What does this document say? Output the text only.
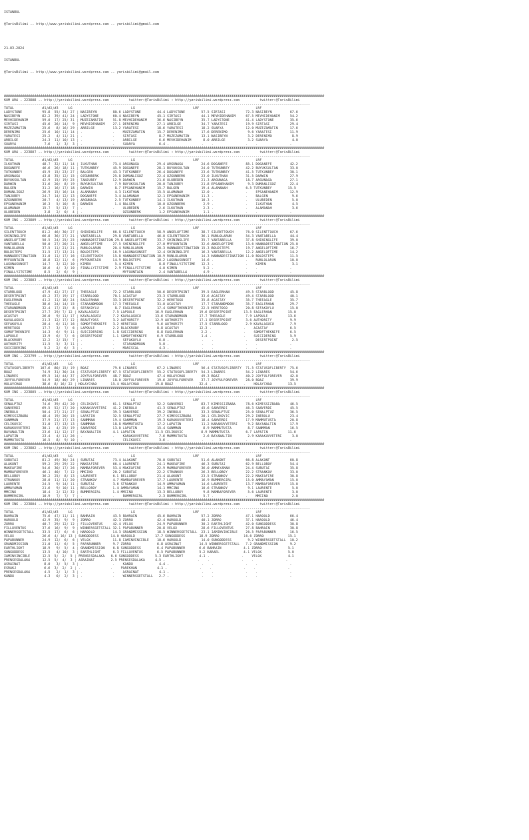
ISTANBUL

@TarisBilimi -- http://www.yarisbilimi.wordpress.com -- yarisbilimi@gmail.com

21.03.2024

ISTANBUL

@TarisBilimi -- http://www.yarisbilimi.wordpress.com -- yarisbilimi@gmail.com

###############################################################################################################################################################
KUM ARA - 223808 -- http://yarisbilimi.wordpress.com          twitter:@TarisBilimi : http://yarisbilimi.wordpress.com          twitter:@TarisBilimi
--------------------------------------------------------------------------------------------------------------------------------------------------------
TOTAL              #1/#2/#3     LG                             LG                             LRF                            LRF
LADYSTONE          95.8  55/ 34/ 27 | NASIBEYN        80.6 LADYSTONE        44.4 LADYSTONE        57.5 SIRTASI          72.3 NASIBEYN         67.6
NASIBEYN           82.2  39/ 41/ 24 | LADYSTONE       60.4 NASIBEYN         45.1 SIRTASI          44.1 MEVHIDEHANIM     67.5 MEVHIDEHANIM     54.2
MEVHIDEHANIM       59.0  17/ 25/ 31 | MUZEZAMATIN     51.8 MEVHIDEHANIM     36.6 NASIBEYN         35.7 LADYSTONE        41.4 LADYSTONE        35.6
SIRTASI            45.6  26/ 14/  9 | MEVHIDEHANIM    27.1 DERENIMO         27.1 ARBILGE          34.7 YARATESI         19.9 SIRTASI          29.4
MUZEZAMATIN        25.6   8/ 16/ 29 | ARBILGE         13.2 YARATESI         18.6 YARATESI         18.2 SUARYA           12.0 MUZEZAMATIN      17.6
DERENIMO           25.6  10/ 11/ 14 | .               .    MUZEZAMATIN      15.7 DERENIMO         17.6 DERENIMO          9.6 YARATESI         11.9
YARATESI           25.2   4/ 11/ 21 | .               .    SIRTASI           8.7 MUZEZAMATIN      13.1 NASIBEYN          3.2 DERENIMO          8.9
ARBILGE            24.3  11/ 10/ 13 | .               .    ARBILGE           6.6 MEVHIDEHANIM      8.0 ARBILGE           3.2 SUARYA            4.0
SUARYA              7.6   1/  3/  3 | .               .    SUARYA            6.4 .                .    .                .    .                .
###############################################################################################################################################################
KUM ARA - 223807 -- http://yarisbilimi.wordpress.com          twitter:@TarisBilimi : http://yarisbilimi.wordpress.com          twitter:@TarisBilimi
--------------------------------------------------------------------------------------------------------------------------------------------------------
TOTAL              #1/#2/#3     LG                             LG                             LRF                            LRF
ILKUTHAN           48.7  32/ 11/ 14 | ILKUTHAN        73.4 ARGUNAGA         29.4 ARGUNAGA         24.6 DOGANEFE         85.1 DOGANEFE         42.2
DOGANEFE           46.6  26/ 18/ 11 | TUTKUNBEY       45.9 DOGANEFE         28.1 BUYUKSULTAN      24.0 TUTKUNBEY        42.2 BUYUKSULTAN      33.0
TUTKUNBEY          45.9  15/ 23/ 27 | BALGEN          43.3 TUTKUNBEY        26.4 DOGANEFE         23.6 TUTKUNBEY        41.5 TUTKUNBEY        30.1
ARGUNAGA           43.8  35/ 12/ 15 | OZGUNBERK       25.8 DUMANLIGOZ       22.4 OZGUNBERK        23.0 ILKUTHAN         31.5 DARWIN           27.9
BUYUKSULTAN        42.9  15/ 19/ 25 | TANJUBEY        12.9 DARWIN           21.6 ULUBEDEN         21.3 ARGUNAGA         18.7 ARGUNAGA         27.1
DARWIN             31.6  20/  8/ 19 | BUYUKSULTAN      7.9 BUYUKSULTAN      20.0 TANJUBEY         21.8 EPSANEHANIM       9.3 DUMANLIGOZ       22.4
BALGEN             31.2  16/ 17/ 18 | DARWIN           8.7 EPSANEHANIM      15.7 BALGEN           19.4 ALAMANAH         6.5 TUTKUNBEY        15.5
DUMANLIGOZ         26.9  15/ 16/ 14 | ALAMANAH         4.3 ILKUTHAN         15.5 ALAMANAH         12.0 .                .    EPSANEHANIM      12.9
TANJUBEY           24.7  14/ 12/ 13 | DOGANEFE         3.4 ALAMANAH         12.1 EPSANEHANIM      11.3 .                .    BALGEN            9.6
OZGUNBERK          20.7   4/ 13/ 19 | ARGUNAGA         2.5 TUTKUNBEY        14.1 ILKUTHAN         10.3 .                .    ULUBEDEN          5.0
EPSANEHANIM        16.3   5/ 10/  8 | DARWIN           1.4 BALGEN           10.0 OZGUNBERK         2.9 .                .    ILKUTHAN          4.5
ALAMANAH           15.7   5/ 13/  7 | .               .    ULUBEDEN          2.6 ILKUTHAN          2.3 .                .    ALAMANAH          3.6
ULUBEDEN            3.8   2/  0/  4 | .               .    OZGUNBERK         1.2 EPSANEHANIM       1.1 .                .    .                .
###############################################################################################################################################################
KUM ING - 223809 -- http://yarisbilimi.wordpress.com          twitter:@TarisBilimi : http://yarisbilimi.wordpress.com          twitter:@TarisBilimi
--------------------------------------------------------------------------------------------------------------------------------------------------------
TOTAL              #1/#2/#3     LG                             LG                             LRF                            LRF
SILENTTOUCH        81.2  46/ 30/ 27 | SHININGLIFE     66.8 SILENTTOUCH      58.9 ANGELOFTIME      38.7 SILENTTOUCH      76.0 SILENTTOUCH      67.6
SHININGLIFE        66.8  36/ 27/ 21 | VANTABELLA      29.8 VANTABELLA       46.0 SILENTTOUCH      36.1 RUNLOLARUN       54.3 VANTABELLA       44.4
ANGELOFTIME        50.5  24/ 25/ 25 | HANNADESTINATION 29.8 ANGELOFTIME     33.7 SHININGLIFE      35.7 VANTABELLA       37.8 SHININGLIFE      39.0
VANTABELLA         50.0  27/ 20/ 21 | ANGELOFTIME     27.5 SHININGLIFE      27.0 MYFOUNTAIN       32.6 ANGELOFTIME      13.6 HANNADESTINATION 25.0
RUNLOLARUN         37.5  11/ 21/ 21 | RUNLOLARUN      20.4 RUNLOLARUN       20.3 HANNADESTINATION 15.3 BOLDSTEPS        19.7 ANGELOFTIME      16.7
BOLDSTEPS          31.5  17/ 13/ 21 | BOLDSTEPS       16.9 LAGUNASUNSET     12.4 SHININGLIFE      16.3 VANTABELLA       12.2 ANGELOFTIME      14.2
HANNADESTINATION   31.0  11/ 17/ 16 | SILENTTOUCH     15.8 HANNADESTINATION 10.9 RUNLOLARUN       14.3 HANNADESTINATION 11.0 BOLDSTEPS        11.5
MYFOUNTAIN         18.8  12/ 11/  6 | MYFOUNTAIN      14.9 BOLDSTEPS        10.2 LAGUNASUNSET     14.6 .                .    RUNLOLARUN       10.0
LAGUNASUNSET       14.7   3/ 12/ 10 | KIMEN            5.4 KIMEN             8.8 FINALLYITSTIME   12.3 .                .    KIMEN             3.1
KIMEN              10.6   4/  3/ 10 | FINALLYITSTIME   2.9 FINALLYITSTIME    4.0 KIMEN             5.2 .                .    .                .
FINALLYITSTIME      8.5   2/  6/  9 | .               .    MYFOUNTAIN        2.4 VANTABELLA        4.9 .                .    .                .
###############################################################################################################################################################
KUM ING - 223803 -- http://yarisbilimi.wordpress.com          twitter:@TarisBilimi : http://yarisbilimi.wordpress.com          twitter:@TarisBilimi
--------------------------------------------------------------------------------------------------------------------------------------------------------
TOTAL              #1/#2/#3     LG                             LG                             LRF                            LRF
STARBLOOD          47.9  42/ 27/ 17 | THEEAGLE        72.2 STARBLOOD        50.6 DESERTPOINT      39.5 EAGLERHAN        49.5 STARBLOOD        45.8
DESERTPOINT        45.2  37/ 19/ 17 | STARBLOOD       70.1 ACASTAY          23.3 STARBLOOD        33.6 ACASTAY          49.4 STARBLOOD        40.1
EAGLERHAN          41.2  11/ 18/ 24 | EAGLERHAN       33.3 DESERTPOINT      32.2 HERETOGO         35.8 ACASTAY          35.7 THEEAGLE         35.7
THEEAGLE           38.6  24/ 14/ 15 | STARANDMOON     17.3 THEEAGLE         31.0 ACASTAY          17.7 STARANDMOON      35.7 EAGLERHAN        29.7
STARANDMOON        32.4  17/ 15/  8 | SEFAKOYLU        8.7 EAGLERHAN        17.4 SOMOFTHEKNIFE    22.5 HERETOGO         20.8 SEFAKOYLU        15.0
DESERTPOINT        27.7  29/ 7/ 12 | KAVALAGUCU       7.5 LAPOULE          16.9 EAGLERHAN        19.6 DESERTPOINT      13.5 EAGLERHAN        15.0
ACASTAY            26.0   9/ 11/ 17 | KAVALAGUCU      7.2 KAVALAGUCU       13.6 STARANDMOON      17.7 THEEAGLE          7.9 LAPOULE          13.6
KAVALAGUCU         21.3  12/ 17/ 12 | BEAUTYOSS       3.2 AUTHORITY        12.9 AUTHORITY        17.1 DESERTPOINT       3.6 AUTHORITY         9.9
SEFAKOYLU          20.4   6/ 11/ 16 | SOMOFTHEKNIFE   3.2 HERETOGO          9.6 AUTHORITY        17.5 STARBLOOD         2.9 KAVALAGUCU        7.9
HERETOGO           17.7   3/  7/  6 | LAPOULE         2.2 BLACKRUBY         8.8 ACASTAY          12.3 .                .    ACASTAY           6.5
SOMOFTHEKNIFE      14.3   6/  9/ 11 | SUICIDERING     1.8 SUICIDERING       8.8 EAGLERHAN         2.2 .                .    SOMOFTHEKNIFE     6.5
LAPOULE            13.9   6/  7/  6 | DESERTPOINT     1.1 SOMOFTHEKNIFE     6.9 STARBLOOD         1.4 .                .    SUICIDERING       5.9
BLACKRUBY          12.2   2/ 15/  7 | .               .    SEFAKOYLU         6.0 .                .    .                .    DESERTPOINT       2.5
AUTHORITY          11.5   5/  3/ 11 | .               .    STARANDMOON       5.0 .                .    .                .    .                .
SUICIDERING         5.2   2/  6/  3 | .               .    MARISCAL          4.3 .                .    .                .    .                .
###############################################################################################################################################################
KUM ING - 223799 -- http://yarisbilimi.wordpress.com          twitter:@TarisBilimi : http://yarisbilimi.wordpress.com          twitter:@TarisBilimi
--------------------------------------------------------------------------------------------------------------------------------------------------------
TOTAL              #1/#2/#3     LG                             LG                             LRF                            LRF
STATUSOFLIBERTY   107.6  80/ 15/ 19 | BOAZ            79.6 LINARES          67.2 LINARES          56.4 STATUSOFLIBERTY  71.5 STATUSOFLIBERTY  75.6
BOAZ               74.9  31/ 30/ 24 | STATUSOFLIBERTY 67.5 STATUSOFLIBERTY  55.2 STATUSOFLIBERTY  54.3 LINARES          54.2 LINARES          54.6
LINARES            69.5  14/ 44/ 37 | JOYFULFOREVER   48.7 BOAZ             47.4 HOLAYCHAO        49.3 BOAZ             40.2 JOYFULFOREVER    42.0
JOYFULFOREVER      54.9  18/ 40/ 29 | LINARES         18.0 JOYFULFOREVER    19.6 JOYFULFOREVER    37.7 JOYFULFOREVER    28.0 BOAZ             39.9
HOLAYCHAO          38.6  8/ 16/ 22 | HOLAYCHAO       15.4 HOLAYCHAO        19.8 BOAZ             32.4 .                .    HOLAYCHAO        13.5
###############################################################################################################################################################
KUM ING - 223805 -- http://yarisbilimi.wordpress.com          twitter:@TarisBilimi : http://yarisbilimi.wordpress.com          twitter:@TarisBilimi
--------------------------------------------------------------------------------------------------------------------------------------------------------
TOTAL              #1/#2/#3     LG                             LG                             LRF                            LRF
SENALPTUZ          74.6  39/ 42/ 20 | CELIKOVIC       61.1 SENALPTUZ        52.2 SANVERDI         83.7 KIMESSIZBABA     78.6 KIMESSIZBABA     46.5
SANVERDI           69.5  52/ 17/ 20 | KARAKUVVETERI   41.2 INEBOLU          41.3 SENALPTUZ        45.6 SANVERDI         46.3 SANVERDI         45.5
INEBOLU            50.4  27/ 21/ 27 | SENALPTUZ       39.3 SANVERDI         39.2 INEBOLU          33.3 SENALPTUZ        25.0 SENALPTUZ        36.5
KIMESSIZBABA       48.4  19/ 20/ 15 | LAPATIN         32.5 SENALPTUZ        27.7 KIMESSIZBABA     20.1 CELIKOVIC        29.2 INEBOLU          23.4
SANMMAN            37.9  21/ 17/ 13 | SANMMAN         19.4 SANMMAN          19.3 KARAKUVVETERI    18.4 SANVERDI         17.9 MAMMUTUSTA       20.8
CELIKOVIC          31.0  17/ 13/ 13 | SANMMAN         18.8 MAMMUTUSTA       17.2 LAPATIN          11.2 KARAKUVVETERI     9.2 BAYANALTIN       17.9
KARAKUVVETERI      30.1   4/ 25/ 19 | SANVERDI        13.0 LAPATIN          15.4 SANMMAN           8.9 MAMMUTUSTA        8.7 SANMMAN          16.5
BAYANALTIN         23.6  11/ 12/ 17 | BAYANALTIN      4.1 LAPATIN          11.5 CELIKOVIC         8.9 MAMMUTUSTA        6.7 LAPATIN          11.6
LAPATIN            23.4   4/ 11/ 26 | .               .    KARAKUVVETERI     7.6 MAMMUTUSTA        2.6 BAYANALTIN        2.9 KARAKUVVETERI     3.0
MAMMUTUSTA         16.5   8/  9/ 10 | .               .    CELIKOVIC         3.6 .                .    .                .    .                .
###############################################################################################################################################################
KUM ING - 223802 -- http://yarisbilimi.wordpress.com          twitter:@TarisBilimi : http://yarisbilimi.wordpress.com          twitter:@TarisBilimi
--------------------------------------------------------------------------------------------------------------------------------------------------------
TOTAL              #1/#2/#3     LG                             LG                             LRF                            LRF
SUBUTAI            81.2  49/ 30/ 24 | SUBUTAI         73.4 ALAKONT          70.0 SUBUTAI          51.6 ALAKONT          66.8 ALAKONT          60.8
ALAKONT            59.2  29/ 29/ 22 | MAKEAFIRE       66.4 LAURENTE         24.1 MAKEAFIRE        46.3 SUBUTAI          62.9 BELLOBOY         54.4
MAKEAFIRE          54.6  30/ 17/ 26 | MAMBAFOREVER    53.4 MAKEAFIRE        22.9 MAMBAFOREVER     36.0 AMMAYAMAN        24.4 SUBUTAI          35.8
MAMBAFOREVER       46.1  40/  7/ 12 | MMCINO          20.2 SUBUTAI          22.2 STRANKOV         26.3 BELLOBOY         22.2 STRANKOV         33.0
BELLOBOY           36.2  25/  8/ 13 | LAURENTE        6.1 BELLOBOY          21.4 ALAKONT          23.5 STRANKOV         22.2 MAKEAFIRE        30.8
STRANKOV           28.0  11/ 11/ 20 | STRANKOV        4.7 MAMBAFOREVER      17.7 LAURENTE         16.9 BUMMERGIRL       15.0 AMMAYAMAN        15.0
LAURENTE           24.5   9/ 14/ 11 | SUBUTAI         3.6 STRANKOV          14.9 AMMAYAMAN        14.6 LAURENTE         13.7 MAMBAFOREVER     15.0
AMMAYAMAN          21.6   9/ 10/ 11 | BELLOBOY        1.4 AMMAYAMAN         14.1 MMCINO           10.6 STRANKOV          9.1 LAURENTE          5.0
MMCINO             18.4   2/ 12/ 32 | BUMMERGIRL      1.4 MMCINO            13.3 BELLOBOY          9.8 MAMBAFOREVER      5.6 LAURENTE          3.0
BUMMERGIRL         10.9   7/  7/  7 | .               .    BUMMERGIRL        2.3 BUMMERGIRL        5.7 .                .    MMCINO            2.0
###############################################################################################################################################################
KUM ING - 223804 -- http://yarisbilimi.wordpress.com          twitter:@TarisBilimi : http://yarisbilimi.wordpress.com          twitter:@TarisBilimi
--------------------------------------------------------------------------------------------------------------------------------------------------------
TOTAL              #1/#2/#3     LG                             LG                             LRF                            LRF
BAHRAIN            75.6  47/ 11/ 11 | BAHRAIN         43.5 BAHRAIN          45.6 BAHRAIN          57.2 ZORRO            47.1 HAROOLD          66.4
HAROOLD            42.9  35/  9/  9 | ZORRO           42.3 ZORRO            42.4 HAROOLD          40.1 ZORRO            37.1 HAROOLD          46.4
ZORRO              40.7  29/ 12/ 12 | FILLOVENTUS     42.4 VELOX            24.9 PAPABUNNER       30.2 EARTHLIGHT       42.0 SUNGODDESS       30.8
FILLOVENTUS        37.6  16/  9/  9 | WINNERSGETSTALL 32.1 PAPABUNNER       20.8 VELOX            28.6 FILLOVENTUS      27.8 BAHRAIN          30.8
WINNERSGETSTALL    33.5  17/  6/  6 | HAROOLD         14.3 GRANDMISSION     18.5 WINNERSGETSTALL  23.1 IAMINVINCIBLE    26.5 PAPABUNNER       16.5
VELOX              26.6  4/ 16/ 13 | SUNGODDESS      14.0 HAROOLD          17.7 SUNGODDESS       18.9 ZORRO            16.6 ZORRO            15.1
PAPABUNNER         24.9  12/  6/  6 | VELOX           11.8 IAMINVINCIBLE    10.6 HAROOLD          14.0 SUNGODDESS        9.2 WINNERSGETSTALL  10.2
GRANDMISSION       21.0  11/  6/  5 | PAPABUNNER      9.7 ZORRO             6.8 ASRAINAT         14.5 WINNERSGETSTALL   7.2 GRANDMISSION      9.2
EARTHLIGHT         18.9   9/  5/  4 | GRANDMISSION    6.8 SUNGODDESS        6.4 PAPABUNNER       6.6 BAHRAIN           4.1 ZORRO             5.1
SUNGODDESS         13.5   4/ 10/  3 | EARTHLIGHT      6.3 FILLOVENTUS       6.5 PAPABUNNER       5.2 KARAEL            4.1 VELOX             5.0
IAMINVINCIBLE      12.5  5/  2/  5 | PRENSESDALAKA   6.6 SUNGODDESS        5.3 EARTHLIGHT        4.1 .                .    VELOX             4.1
PRENSESDALAKA      12.5  5/  4/  3 | ASRAINAT        2.5 PRENSESDALAKA     4.5 .                .    .                .    .                .
ASRAINAT            8.0   3/  5/  3 | .               .    KANDO             4.4 .                .    .                .    .                .
ESRAKJ              6.6  3/  2/  2 | .               .    PAREKHAN          4.1 .                .    .                .    .                .
PRENSESDALAKA       4.5   2/  1/  3 | .               .    ASRAINAT          4.1 .                .    .                .    .                .
KANDO               4.3   0/  2/  3 | .               .    WINNERSGETSTALL   2.7 .                .    .                .    .                .
